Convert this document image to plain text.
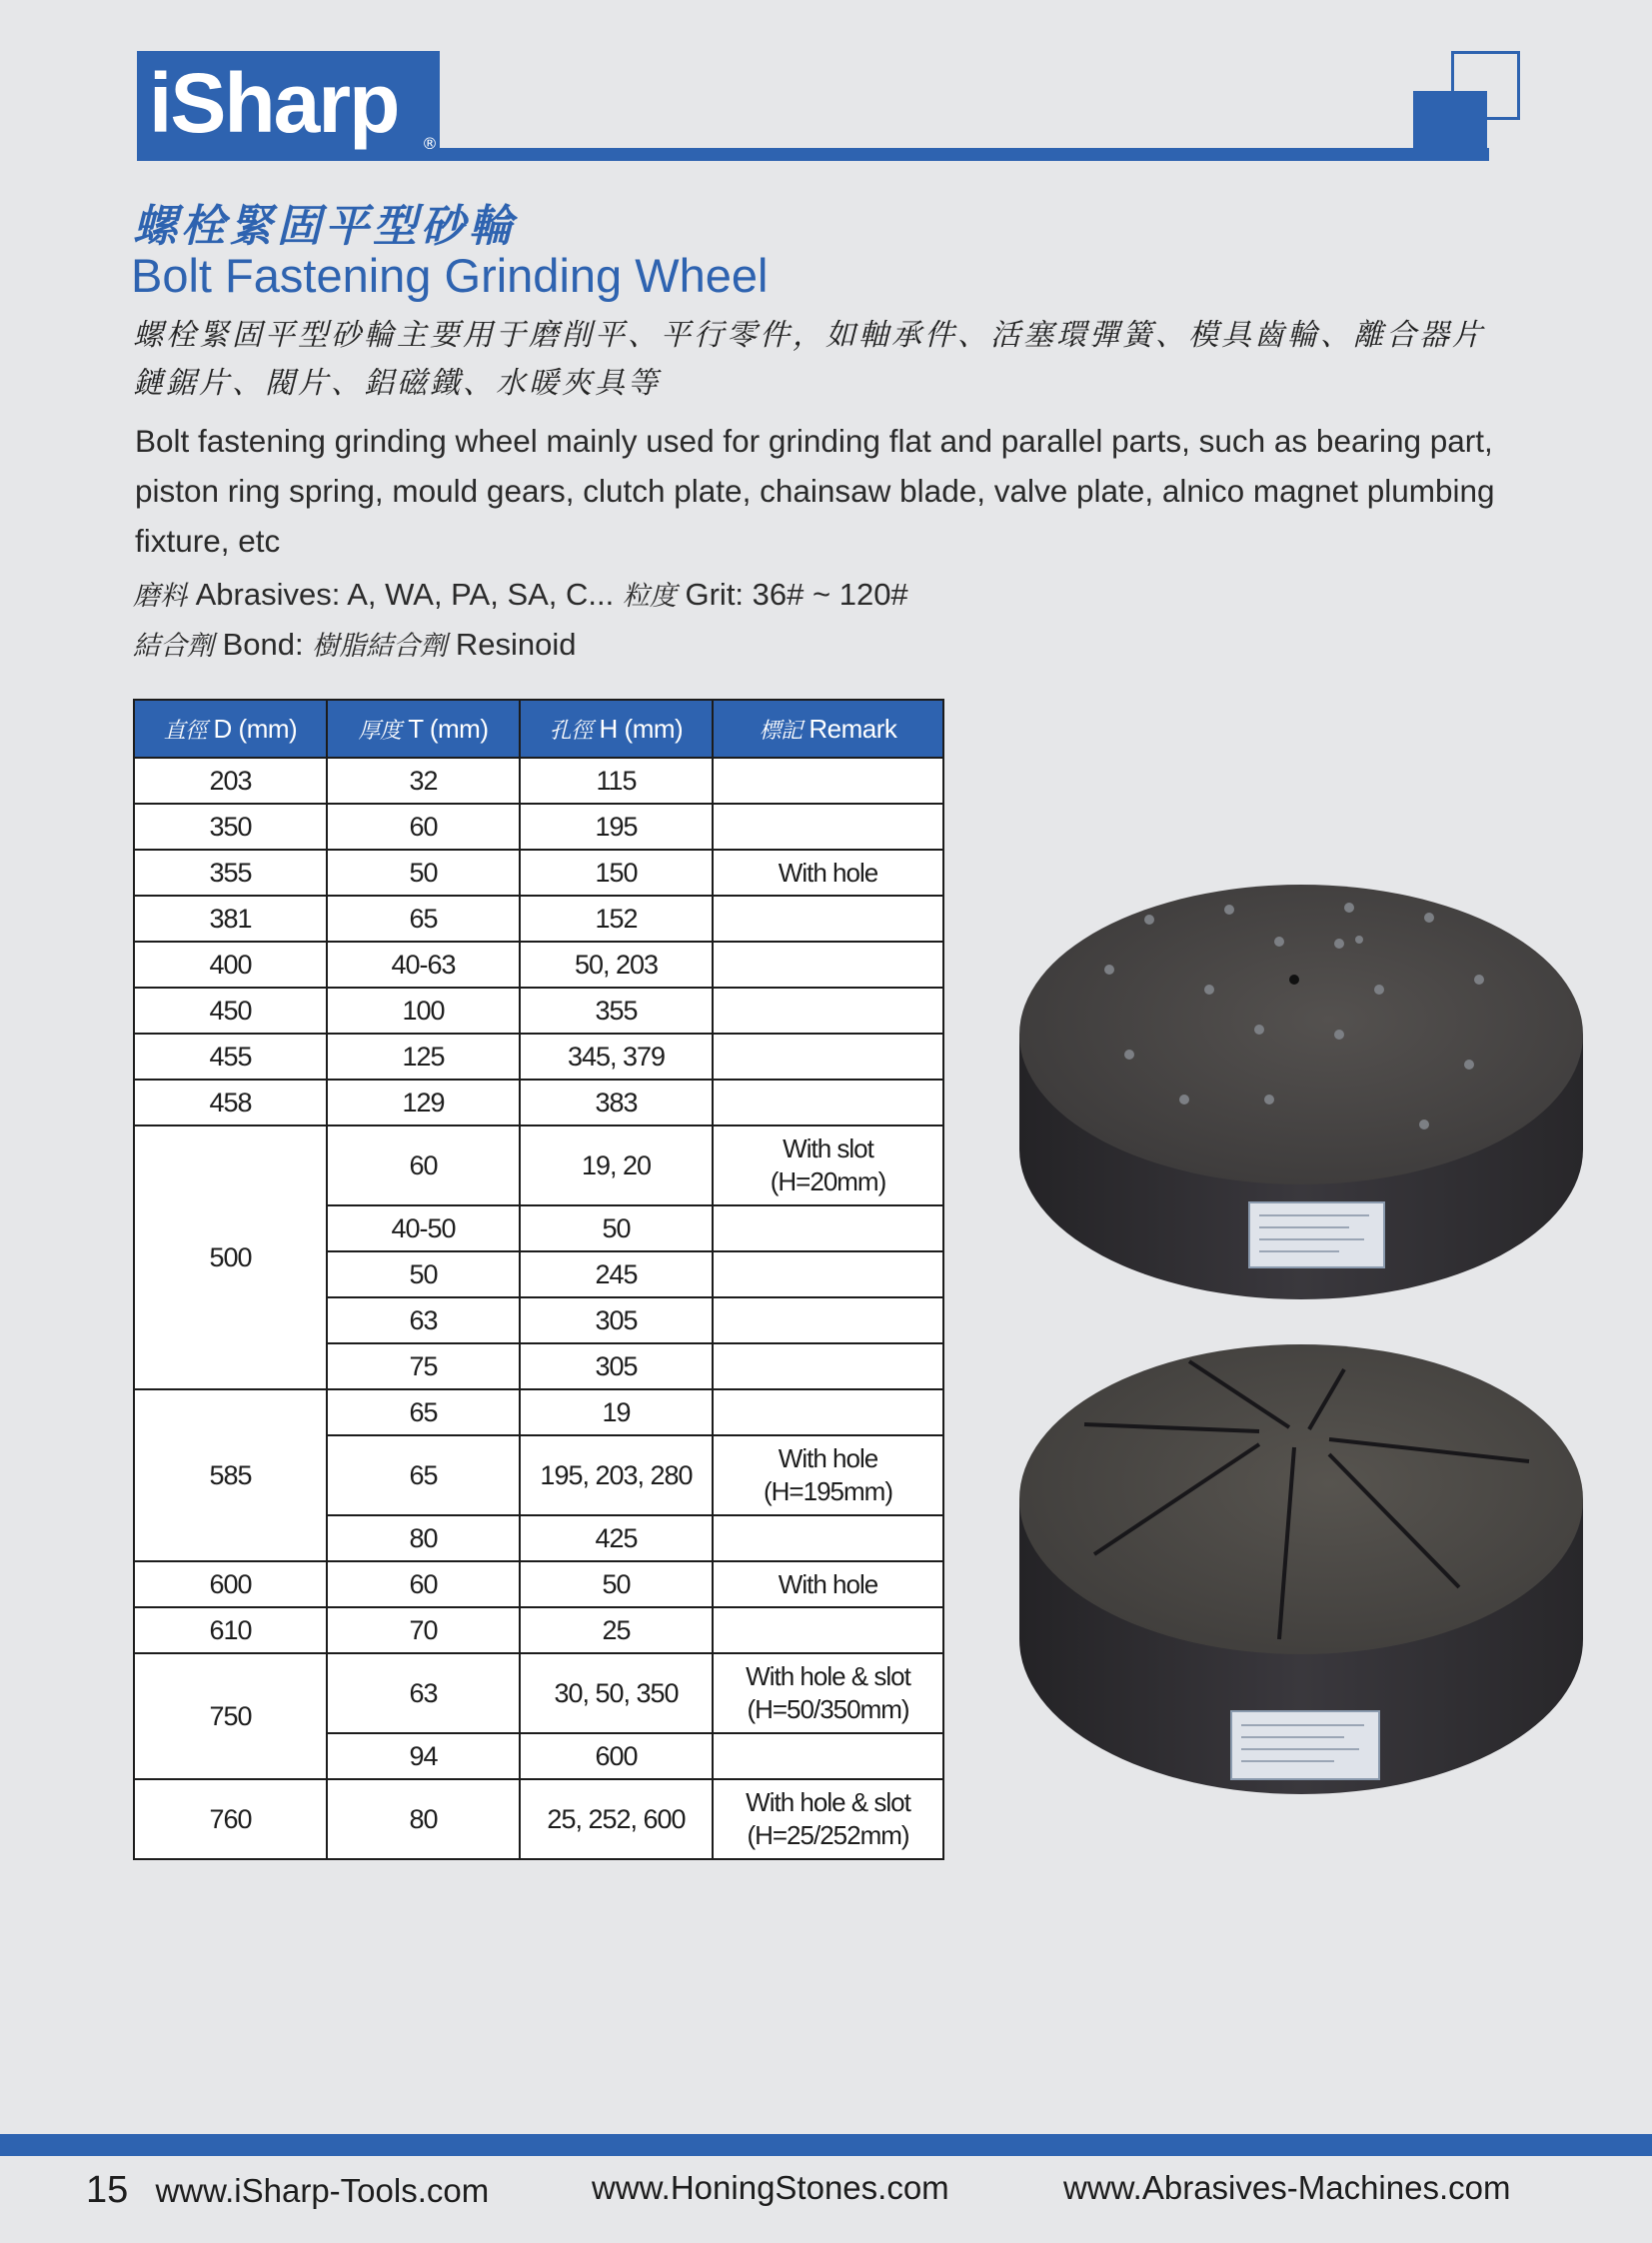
iSharp ®
螺栓緊固平型砂輪
Bolt Fastening Grinding Wheel
螺栓緊固平型砂輪主要用于磨削平、平行零件，如軸承件、活塞環彈簧、模具齒輪、離合器片
鏈鋸片、閥片、鋁磁鐵、水暖夾具等
Bolt fastening grinding wheel mainly used for grinding flat and parallel parts, such as bearing part, piston ring spring, mould gears, clutch plate, chainsaw blade, valve plate, alnico magnet plumbing fixture, etc
磨料 Abrasives: A, WA, PA, SA, C... 粒度 Grit: 36# ~ 120#
結合劑 Bond: 樹脂結合劑 Resinoid
直徑 D (mm)	厚度 T (mm)	孔徑 H (mm)	標記 Remark
203	32	115	
350	60	195	
355	50	150	With hole
381	65	152	
400	40-63	50, 203	
450	100	355	
455	125	345, 379	
458	129	383	
500	60	19, 20	With slot
(H=20mm)

	40-50	50	
	50	245	
	63	305	
	75	305	
585	65	19	
	65	195, 203, 280	With hole
(H=195mm)

	80	425	
600	60	50	With hole
610	70	25	
750	63	30, 50, 350	With hole & slot
(H=50/350mm)

	94	600	
760	80	25, 252, 600	With hole & slot
(H=25/252mm)
15 www.iSharp-Tools.com	www.HoningStones.com	www.Abrasives-Machines.com
